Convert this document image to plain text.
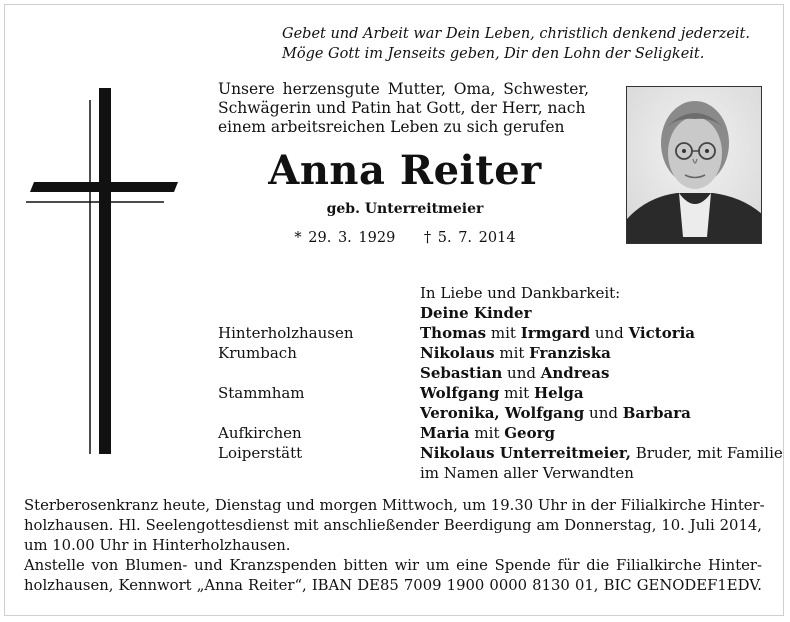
Gebet und Arbeit war Dein Leben, christlich denkend jederzeit.
Möge Gott im Jenseits geben, Dir den Lohn der Seligkeit.
Unsere herzensgute Mutter, Oma, Schwester,
Schwägerin und Patin hat Gott, der Herr, nach
einem arbeitsreichen Leben zu sich gerufen
Anna Reiter
geb. Unterreitmeier
* 29. 3. 1929 † 5. 7. 2014
In Liebe und Dankbarkeit:
Deine Kinder
Hinterholzhausen	Thomas mit Irmgard und Victoria
Krumbach	Nikolaus mit Franziska
Sebastian und Andreas
Stammham	Wolfgang mit Helga
Veronika, Wolfgang und Barbara
Aufkirchen	Maria mit Georg
Loiperstätt	Nikolaus Unterreitmeier, Bruder, mit Familie
im Namen aller Verwandten
Sterberosenkranz heute, Dienstag und morgen Mittwoch, um 19.30 Uhr in der Filialkirche Hinter-
holzhausen. Hl. Seelengottesdienst mit anschließender Beerdigung am Donnerstag, 10. Juli 2014,
um 10.00 Uhr in Hinterholzhausen.
Anstelle von Blumen- und Kranzspenden bitten wir um eine Spende für die Filialkirche Hinter-
holzhausen, Kennwort „Anna Reiter“, IBAN DE85 7009 1900 0000 8130 01, BIC GENODEF1EDV.
